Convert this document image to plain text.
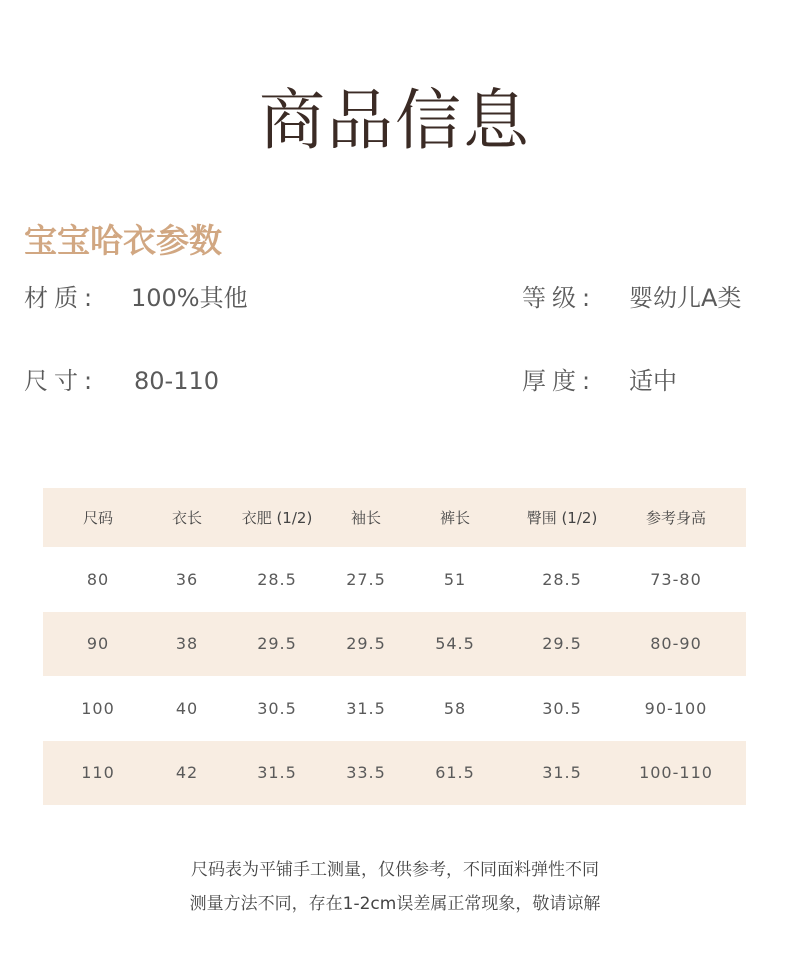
商品信息
宝宝哈衣参数
材质: 100%其他	等级: 婴幼儿A类
尺寸: 80-110	厚度: 适中
尺码	衣长	衣肥 (1/2)	袖长	裤长	臀围 (1/2)	参考身高
80	36	28.5	27.5	51	28.5	73-80
90	38	29.5	29.5	54.5	29.5	80-90
100	40	30.5	31.5	58	30.5	90-100
110	42	31.5	33.5	61.5	31.5	100-110
尺码表为平铺手工测量，仅供参考，不同面料弹性不同
测量方法不同，存在1-2cm误差属正常现象，敬请谅解
